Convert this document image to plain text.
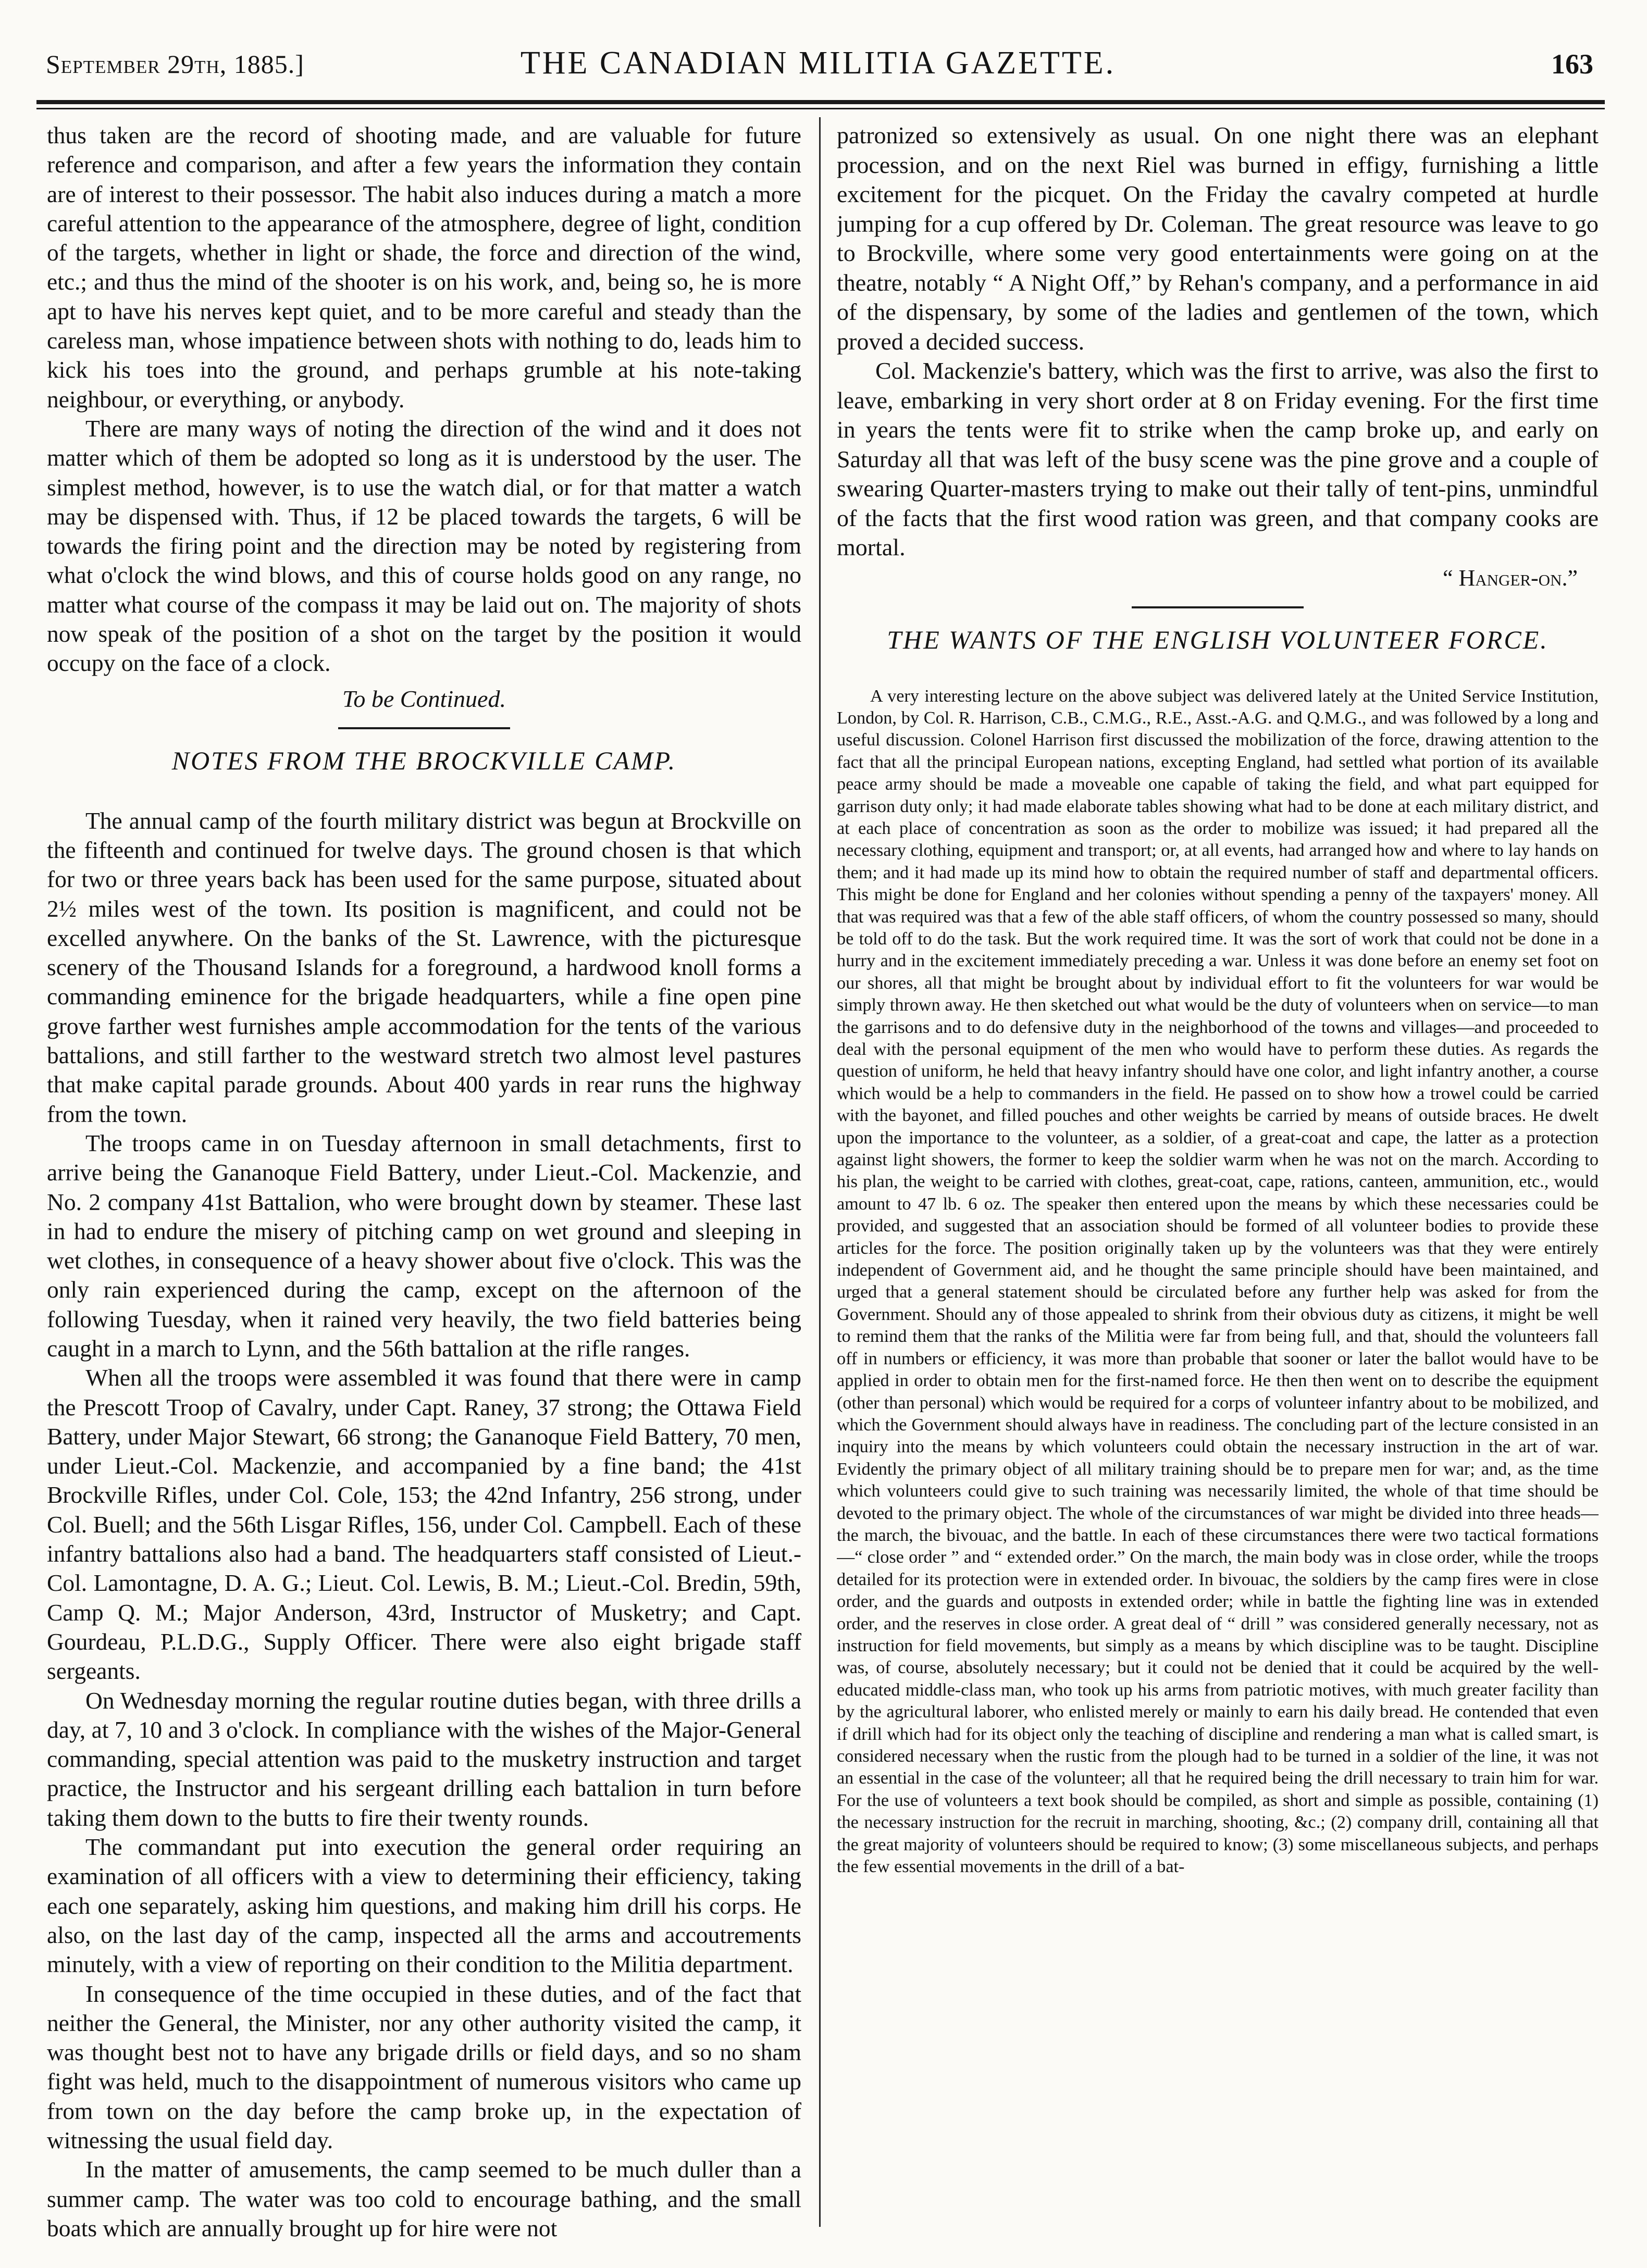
September 29th, 1885.]	THE CANADIAN MILITIA GAZETTE.	163

thus taken are the record of shooting made, and are valuable for future reference and comparison, and after a few years the information they contain are of interest to their possessor. The habit also induces during a match a more careful attention to the appearance of the atmosphere, degree of light, condition of the targets, whether in light or shade, the force and direction of the wind, etc.; and thus the mind of the shooter is on his work, and, being so, he is more apt to have his nerves kept quiet, and to be more careful and steady than the careless man, whose impatience between shots with nothing to do, leads him to kick his toes into the ground, and perhaps grumble at his note-taking neighbour, or everything, or anybody.

There are many ways of noting the direction of the wind and it does not matter which of them be adopted so long as it is understood by the user. The simplest method, however, is to use the watch dial, or for that matter a watch may be dispensed with. Thus, if 12 be placed towards the targets, 6 will be towards the firing point and the direction may be noted by registering from what o'clock the wind blows, and this of course holds good on any range, no matter what course of the compass it may be laid out on. The majority of shots now speak of the position of a shot on the target by the position it would occupy on the face of a clock.

To be Continued.
NOTES FROM THE BROCKVILLE CAMP.

The annual camp of the fourth military district was begun at Brockville on the fifteenth and continued for twelve days. The ground chosen is that which for two or three years back has been used for the same purpose, situated about 2½ miles west of the town. Its position is magnificent, and could not be excelled anywhere. On the banks of the St. Lawrence, with the picturesque scenery of the Thousand Islands for a foreground, a hardwood knoll forms a commanding eminence for the brigade headquarters, while a fine open pine grove farther west furnishes ample accommodation for the tents of the various battalions, and still farther to the westward stretch two almost level pastures that make capital parade grounds. About 400 yards in rear runs the highway from the town.

The troops came in on Tuesday afternoon in small detachments, first to arrive being the Gananoque Field Battery, under Lieut.-Col. Mackenzie, and No. 2 company 41st Battalion, who were brought down by steamer. These last in had to endure the misery of pitching camp on wet ground and sleeping in wet clothes, in consequence of a heavy shower about five o'clock. This was the only rain experienced during the camp, except on the afternoon of the following Tuesday, when it rained very heavily, the two field batteries being caught in a march to Lynn, and the 56th battalion at the rifle ranges.

When all the troops were assembled it was found that there were in camp the Prescott Troop of Cavalry, under Capt. Raney, 37 strong; the Ottawa Field Battery, under Major Stewart, 66 strong; the Gananoque Field Battery, 70 men, under Lieut.-Col. Mackenzie, and accompanied by a fine band; the 41st Brockville Rifles, under Col. Cole, 153; the 42nd Infantry, 256 strong, under Col. Buell; and the 56th Lisgar Rifles, 156, under Col. Campbell. Each of these infantry battalions also had a band. The headquarters staff consisted of Lieut.-Col. Lamontagne, D. A. G.; Lieut. Col. Lewis, B. M.; Lieut.-Col. Bredin, 59th, Camp Q. M.; Major Anderson, 43rd, Instructor of Musketry; and Capt. Gourdeau, P.L.D.G., Supply Officer. There were also eight brigade staff sergeants.

On Wednesday morning the regular routine duties began, with three drills a day, at 7, 10 and 3 o'clock. In compliance with the wishes of the Major-General commanding, special attention was paid to the musketry instruction and target practice, the Instructor and his sergeant drilling each battalion in turn before taking them down to the butts to fire their twenty rounds.

The commandant put into execution the general order requiring an examination of all officers with a view to determining their efficiency, taking each one separately, asking him questions, and making him drill his corps. He also, on the last day of the camp, inspected all the arms and accoutrements minutely, with a view of reporting on their condition to the Militia department.

In consequence of the time occupied in these duties, and of the fact that neither the General, the Minister, nor any other authority visited the camp, it was thought best not to have any brigade drills or field days, and so no sham fight was held, much to the disappointment of numerous visitors who came up from town on the day before the camp broke up, in the expectation of witnessing the usual field day.

In the matter of amusements, the camp seemed to be much duller than a summer camp. The water was too cold to encourage bathing, and the small boats which are annually brought up for hire were not

patronized so extensively as usual. On one night there was an elephant procession, and on the next Riel was burned in effigy, furnishing a little excitement for the picquet. On the Friday the cavalry competed at hurdle jumping for a cup offered by Dr. Coleman. The great resource was leave to go to Brockville, where some very good entertainments were going on at the theatre, notably “ A Night Off,” by Rehan's company, and a performance in aid of the dispensary, by some of the ladies and gentlemen of the town, which proved a decided success.

Col. Mackenzie's battery, which was the first to arrive, was also the first to leave, embarking in very short order at 8 on Friday evening. For the first time in years the tents were fit to strike when the camp broke up, and early on Saturday all that was left of the busy scene was the pine grove and a couple of swearing Quarter-masters trying to make out their tally of tent-pins, unmindful of the facts that the first wood ration was green, and that company cooks are mortal.

“ Hanger-on.”
THE WANTS OF THE ENGLISH VOLUNTEER FORCE.

A very interesting lecture on the above subject was delivered lately at the United Service Institution, London, by Col. R. Harrison, C.B., C.M.G., R.E., Asst.-A.G. and Q.M.G., and was followed by a long and useful discussion. Colonel Harrison first discussed the mobilization of the force, drawing attention to the fact that all the principal European nations, excepting England, had settled what portion of its available peace army should be made a moveable one capable of taking the field, and what part equipped for garrison duty only; it had made elaborate tables showing what had to be done at each military district, and at each place of concentration as soon as the order to mobilize was issued; it had prepared all the necessary clothing, equipment and transport; or, at all events, had arranged how and where to lay hands on them; and it had made up its mind how to obtain the required number of staff and departmental officers. This might be done for England and her colonies without spending a penny of the taxpayers' money. All that was required was that a few of the able staff officers, of whom the country possessed so many, should be told off to do the task. But the work required time. It was the sort of work that could not be done in a hurry and in the excitement immediately preceding a war. Unless it was done before an enemy set foot on our shores, all that might be brought about by individual effort to fit the volunteers for war would be simply thrown away. He then sketched out what would be the duty of volunteers when on service—to man the garrisons and to do defensive duty in the neighborhood of the towns and villages—and proceeded to deal with the personal equipment of the men who would have to perform these duties. As regards the question of uniform, he held that heavy infantry should have one color, and light infantry another, a course which would be a help to commanders in the field. He passed on to show how a trowel could be carried with the bayonet, and filled pouches and other weights be carried by means of outside braces. He dwelt upon the importance to the volunteer, as a soldier, of a great-coat and cape, the latter as a protection against light showers, the former to keep the soldier warm when he was not on the march. According to his plan, the weight to be carried with clothes, great-coat, cape, rations, canteen, ammunition, etc., would amount to 47 lb. 6 oz. The speaker then entered upon the means by which these necessaries could be provided, and suggested that an association should be formed of all volunteer bodies to provide these articles for the force. The position originally taken up by the volunteers was that they were entirely independent of Government aid, and he thought the same principle should have been maintained, and urged that a general statement should be circulated before any further help was asked for from the Government. Should any of those appealed to shrink from their obvious duty as citizens, it might be well to remind them that the ranks of the Militia were far from being full, and that, should the volunteers fall off in numbers or efficiency, it was more than probable that sooner or later the ballot would have to be applied in order to obtain men for the first-named force. He then then went on to describe the equipment (other than personal) which would be required for a corps of volunteer infantry about to be mobilized, and which the Government should always have in readiness. The concluding part of the lecture consisted in an inquiry into the means by which volunteers could obtain the necessary instruction in the art of war. Evidently the primary object of all military training should be to prepare men for war; and, as the time which volunteers could give to such training was necessarily limited, the whole of that time should be devoted to the primary object. The whole of the circumstances of war might be divided into three heads—the march, the bivouac, and the battle. In each of these circumstances there were two tactical formations—“ close order ” and “ extended order.” On the march, the main body was in close order, while the troops detailed for its protection were in extended order. In bivouac, the soldiers by the camp fires were in close order, and the guards and outposts in extended order; while in battle the fighting line was in extended order, and the reserves in close order. A great deal of “ drill ” was considered generally necessary, not as instruction for field movements, but simply as a means by which discipline was to be taught. Discipline was, of course, absolutely necessary; but it could not be denied that it could be acquired by the well-educated middle-class man, who took up his arms from patriotic motives, with much greater facility than by the agricultural laborer, who enlisted merely or mainly to earn his daily bread. He contended that even if drill which had for its object only the teaching of discipline and rendering a man what is called smart, is considered necessary when the rustic from the plough had to be turned in a soldier of the line, it was not an essential in the case of the volunteer; all that he required being the drill necessary to train him for war. For the use of volunteers a text book should be compiled, as short and simple as possible, containing (1) the necessary instruction for the recruit in marching, shooting, &c.; (2) company drill, containing all that the great majority of volunteers should be required to know; (3) some miscellaneous subjects, and perhaps the few essential movements in the drill of a bat-
